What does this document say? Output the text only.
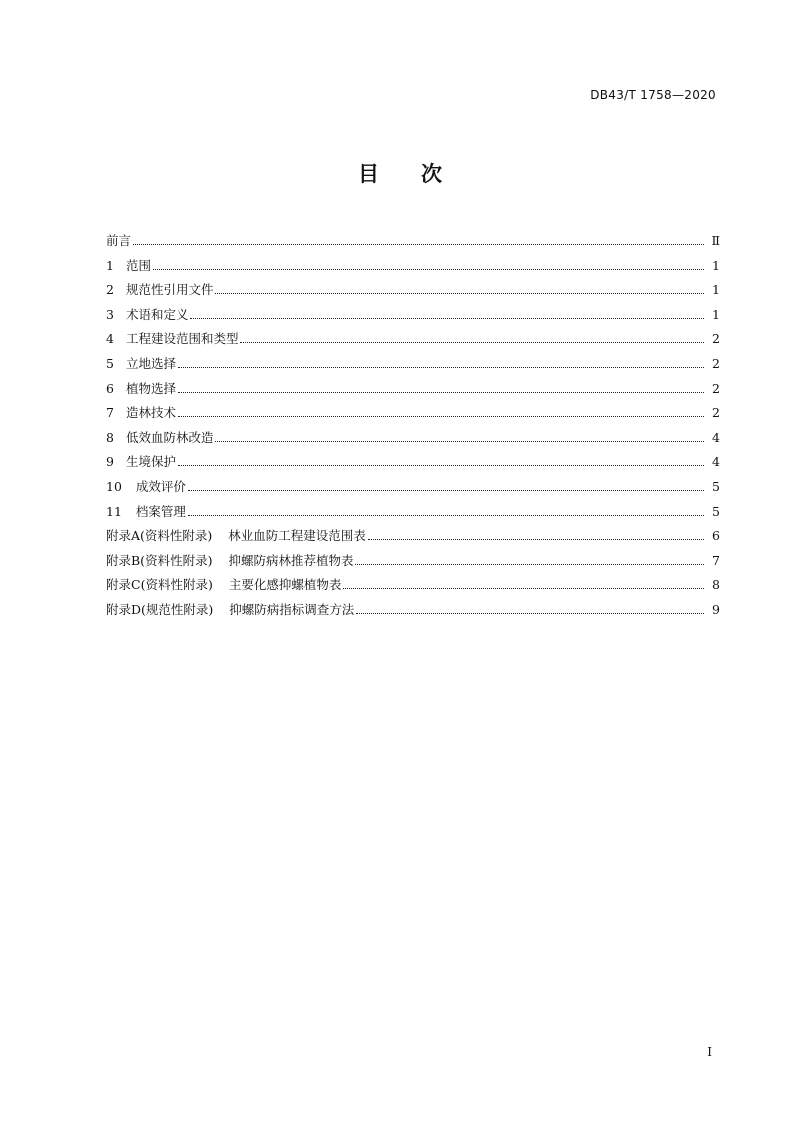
DB43/T 1758—2020
目 次
前言	Ⅱ
1 范围	1
2 规范性引用文件	1
3 术语和定义	1
4 工程建设范围和类型	2
5 立地选择	2
6 植物选择	2
7 造林技术	2
8 低效血防林改造	4
9 生境保护	4
10	成效评价	5
11	档案管理	5
附录A(资料性附录)	林业血防工程建设范围表	6
附录B(资料性附录)	抑螺防病林推荐植物表	7
附录C(资料性附录)	主要化感抑螺植物表	8
附录D(规范性附录)	抑螺防病指标调查方法	9
I
